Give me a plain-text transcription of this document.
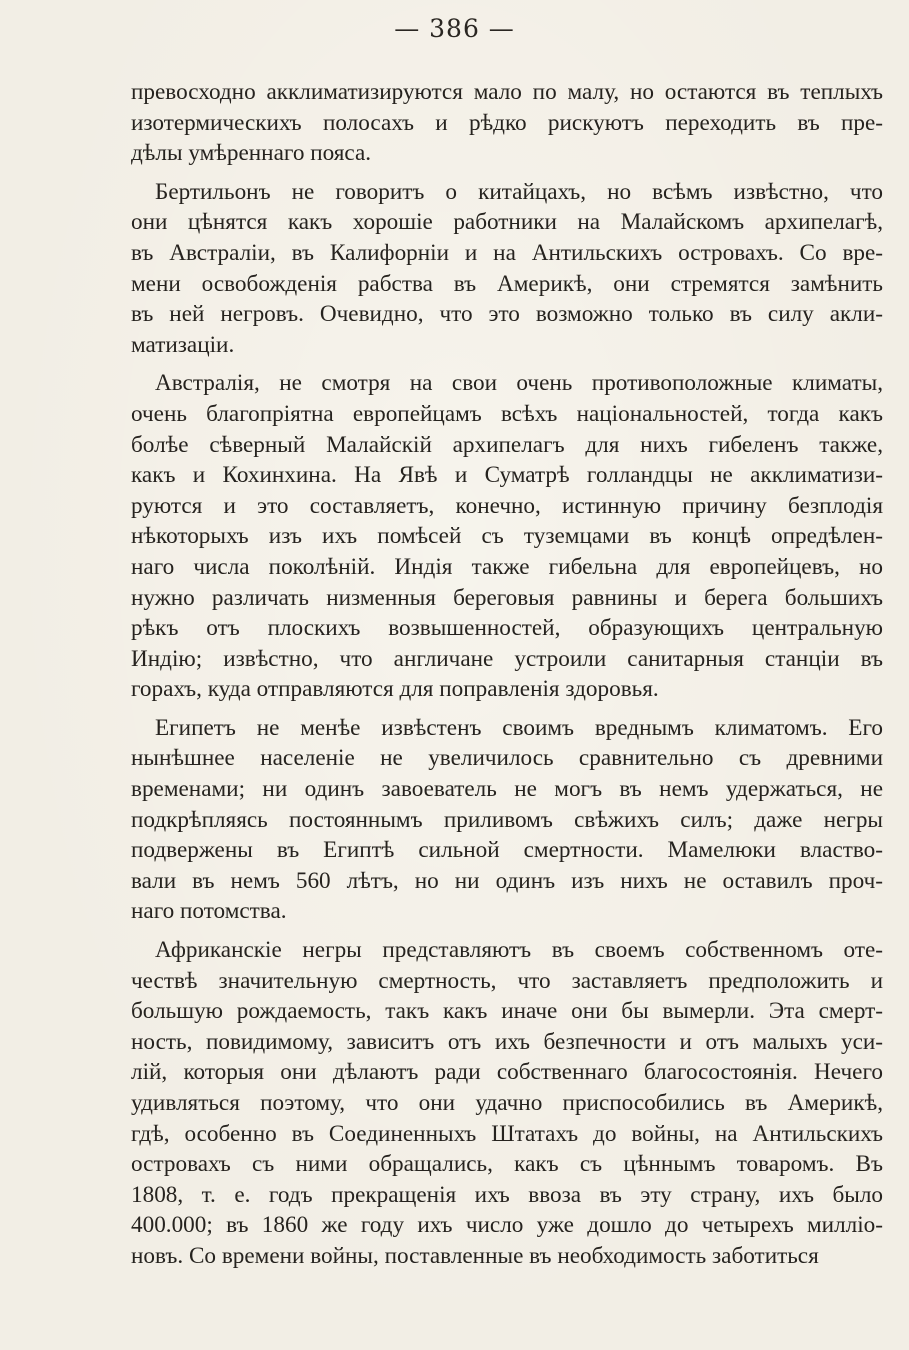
— 386 —
превосходно акклиматизируются мало по малу, но остаются въ теплыхъ
изотермическихъ полосахъ и рѣдко рискуютъ переходить въ пре-
дѣлы умѣреннаго пояса.
Бертильонъ не говоритъ о китайцахъ, но всѣмъ извѣстно, что
они цѣнятся какъ хорошіе работники на Малайскомъ архипелагѣ,
въ Австраліи, въ Калифорніи и на Антильскихъ островахъ. Со вре-
мени освобожденія рабства въ Америкѣ, они стремятся замѣнить
въ ней негровъ. Очевидно, что это возможно только въ силу акли-
матизаціи.
Австралія, не смотря на свои очень противоположные климаты,
очень благопріятна европейцамъ всѣхъ національностей, тогда какъ
болѣе сѣверный Малайскій архипелагъ для нихъ гибеленъ также,
какъ и Кохинхина. На Явѣ и Суматрѣ голландцы не акклиматизи-
руются и это составляетъ, конечно, истинную причину безплодія
нѣкоторыхъ изъ ихъ помѣсей съ туземцами въ концѣ опредѣлен-
наго числа поколѣній. Индія также гибельна для европейцевъ, но
нужно различать низменныя береговыя равнины и берега большихъ
рѣкъ отъ плоскихъ возвышенностей, образующихъ центральную
Индію; извѣстно, что англичане устроили санитарныя станціи въ
горахъ, куда отправляются для поправленія здоровья.
Египетъ не менѣе извѣстенъ своимъ вреднымъ климатомъ. Его
нынѣшнее населеніе не увеличилось сравнительно съ древними
временами; ни одинъ завоеватель не могъ въ немъ удержаться, не
подкрѣпляясь постояннымъ приливомъ свѣжихъ силъ; даже негры
подвержены въ Египтѣ сильной смертности. Мамелюки властво-
вали въ немъ 560 лѣтъ, но ни одинъ изъ нихъ не оставилъ проч-
наго потомства.
Африканскіе негры представляютъ въ своемъ собственномъ оте-
чествѣ значительную смертность, что заставляетъ предположить и
большую рождаемость, такъ какъ иначе они бы вымерли. Эта смерт-
ность, повидимому, зависитъ отъ ихъ безпечности и отъ малыхъ уси-
лій, которыя они дѣлаютъ ради собственнаго благосостоянія. Нечего
удивляться поэтому, что они удачно приспособились въ Америкѣ,
гдѣ, особенно въ Соединенныхъ Штатахъ до войны, на Антильскихъ
островахъ съ ними обращались, какъ съ цѣннымъ товаромъ. Въ
1808, т. е. годъ прекращенія ихъ ввоза въ эту страну, ихъ было
400.000; въ 1860 же году ихъ число уже дошло до четырехъ милліо-
новъ. Со времени войны, поставленные въ необходимость заботиться
